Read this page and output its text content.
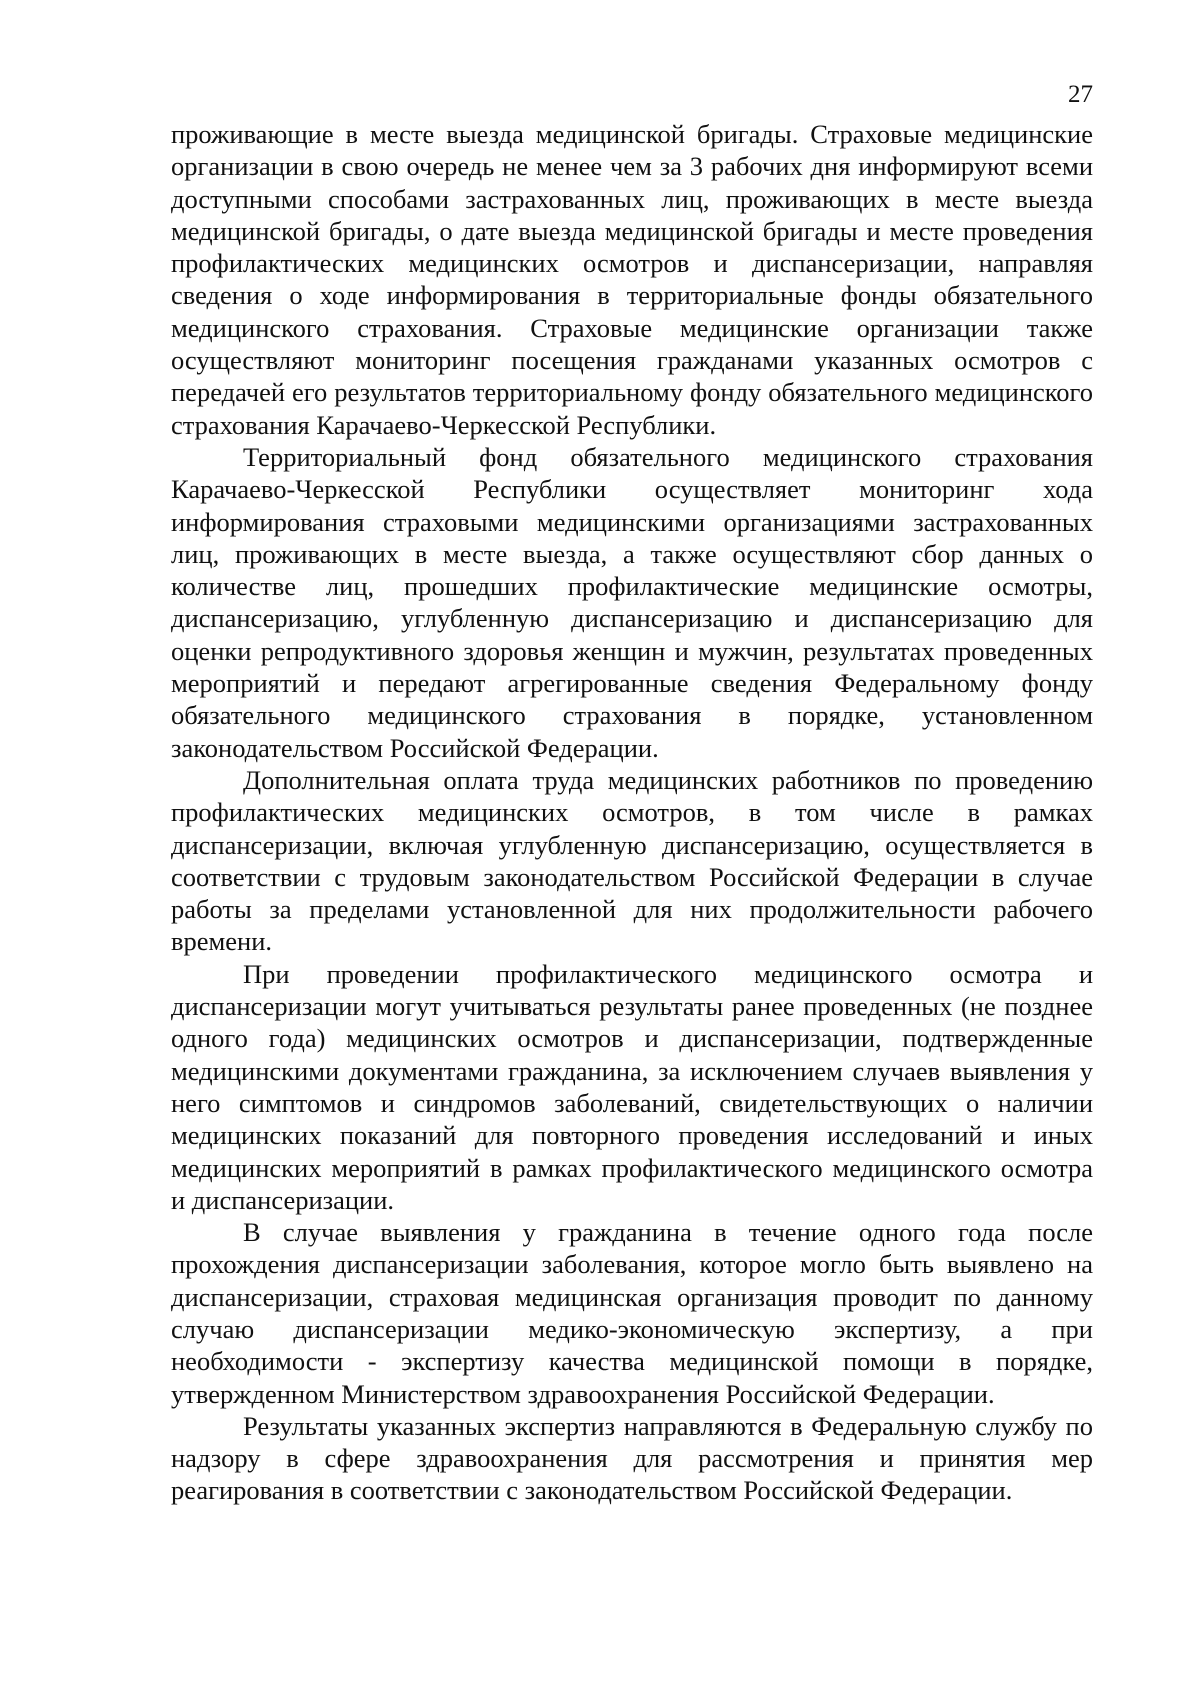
27

проживающие в месте выезда медицинской бригады. Страховые медицинские организации в свою очередь не менее чем за 3 рабочих дня информируют всеми доступными способами застрахованных лиц, проживающих в месте выезда медицинской бригады, о дате выезда медицинской бригады и месте проведения профилактических медицинских осмотров и диспансеризации, направляя сведения о ходе информирования в территориальные фонды обязательного медицинского страхования. Страховые медицинские организации также осуществляют мониторинг посещения гражданами указанных осмотров с передачей его результатов территориальному фонду обязательного медицинского страхования Карачаево-Черкесской Республики.

Территориальный фонд обязательного медицинского страхования Карачаево-Черкесской Республики осуществляет мониторинг хода информирования страховыми медицинскими организациями застрахованных лиц, проживающих в месте выезда, а также осуществляют сбор данных о количестве лиц, прошедших профилактические медицинские осмотры, диспансеризацию, углубленную диспансеризацию и диспансеризацию для оценки репродуктивного здоровья женщин и мужчин, результатах проведенных мероприятий и передают агрегированные сведения Федеральному фонду обязательного медицинского страхования в порядке, установленном законодательством Российской Федерации.

Дополнительная оплата труда медицинских работников по проведению профилактических медицинских осмотров, в том числе в рамках диспансеризации, включая углубленную диспансеризацию, осуществляется в соответствии с трудовым законодательством Российской Федерации в случае работы за пределами установленной для них продолжительности рабочего времени.

При проведении профилактического медицинского осмотра и диспансеризации могут учитываться результаты ранее проведенных (не позднее одного года) медицинских осмотров и диспансеризации, подтвержденные медицинскими документами гражданина, за исключением случаев выявления у него симптомов и синдромов заболеваний, свидетельствующих о наличии медицинских показаний для повторного проведения исследований и иных медицинских мероприятий в рамках профилактического медицинского осмотра и диспансеризации.

В случае выявления у гражданина в течение одного года после прохождения диспансеризации заболевания, которое могло быть выявлено на диспансеризации, страховая медицинская организация проводит по данному случаю диспансеризации медико-экономическую экспертизу, а при необходимости - экспертизу качества медицинской помощи в порядке, утвержденном Министерством здравоохранения Российской Федерации.

Результаты указанных экспертиз направляются в Федеральную службу по надзору в сфере здравоохранения для рассмотрения и принятия мер реагирования в соответствии с законодательством Российской Федерации.
